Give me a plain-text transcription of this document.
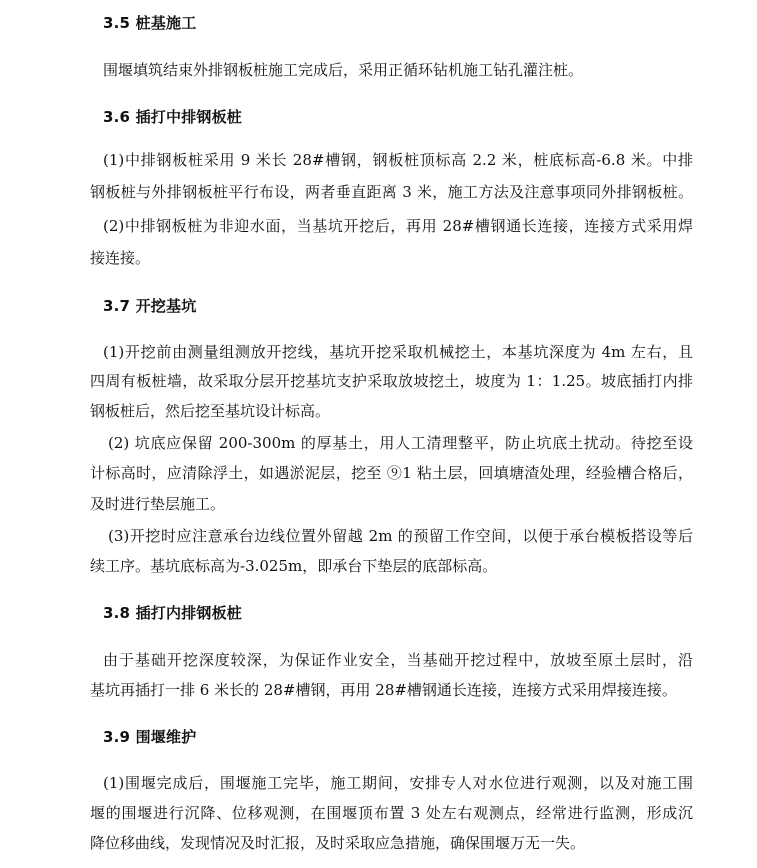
3.5 桩基施工
围堰填筑结束外排钢板桩施工完成后，采用正循环钻机施工钻孔灌注桩。
3.6 插打中排钢板桩
(1)中排钢板桩采用 9 米长 28#槽钢，钢板桩顶标高 2.2 米，桩底标高-6.8 米。中排
钢板桩与外排钢板桩平行布设，两者垂直距离 3 米，施工方法及注意事项同外排钢板桩。
(2)中排钢板桩为非迎水面，当基坑开挖后，再用 28#槽钢通长连接，连接方式采用焊
接连接。
3.7 开挖基坑
(1)开挖前由测量组测放开挖线，基坑开挖采取机械挖土，本基坑深度为 4m 左右，且
四周有板桩墙，故采取分层开挖基坑支护采取放坡挖土，坡度为 1：1.25。坡底插打内排
钢板桩后，然后挖至基坑设计标高。
(2) 坑底应保留 200-300m 的厚基土，用人工清理整平，防止坑底土扰动。待挖至设
计标高时，应清除浮土，如遇淤泥层，挖至 ⑨1 粘土层，回填塘渣处理，经验槽合格后，
及时进行垫层施工。
(3)开挖时应注意承台边线位置外留越 2m 的预留工作空间，以便于承台模板搭设等后
续工序。基坑底标高为-3.025m，即承台下垫层的底部标高。
3.8 插打内排钢板桩
由于基础开挖深度较深，为保证作业安全，当基础开挖过程中，放坡至原土层时，沿
基坑再插打一排 6 米长的 28#槽钢，再用 28#槽钢通长连接，连接方式采用焊接连接。
3.9 围堰维护
(1)围堰完成后，围堰施工完毕，施工期间，安排专人对水位进行观测，以及对施工围
堰的围堰进行沉降、位移观测，在围堰顶布置 3 处左右观测点，经常进行监测，形成沉
降位移曲线，发现情况及时汇报，及时采取应急措施，确保围堰万无一失。
